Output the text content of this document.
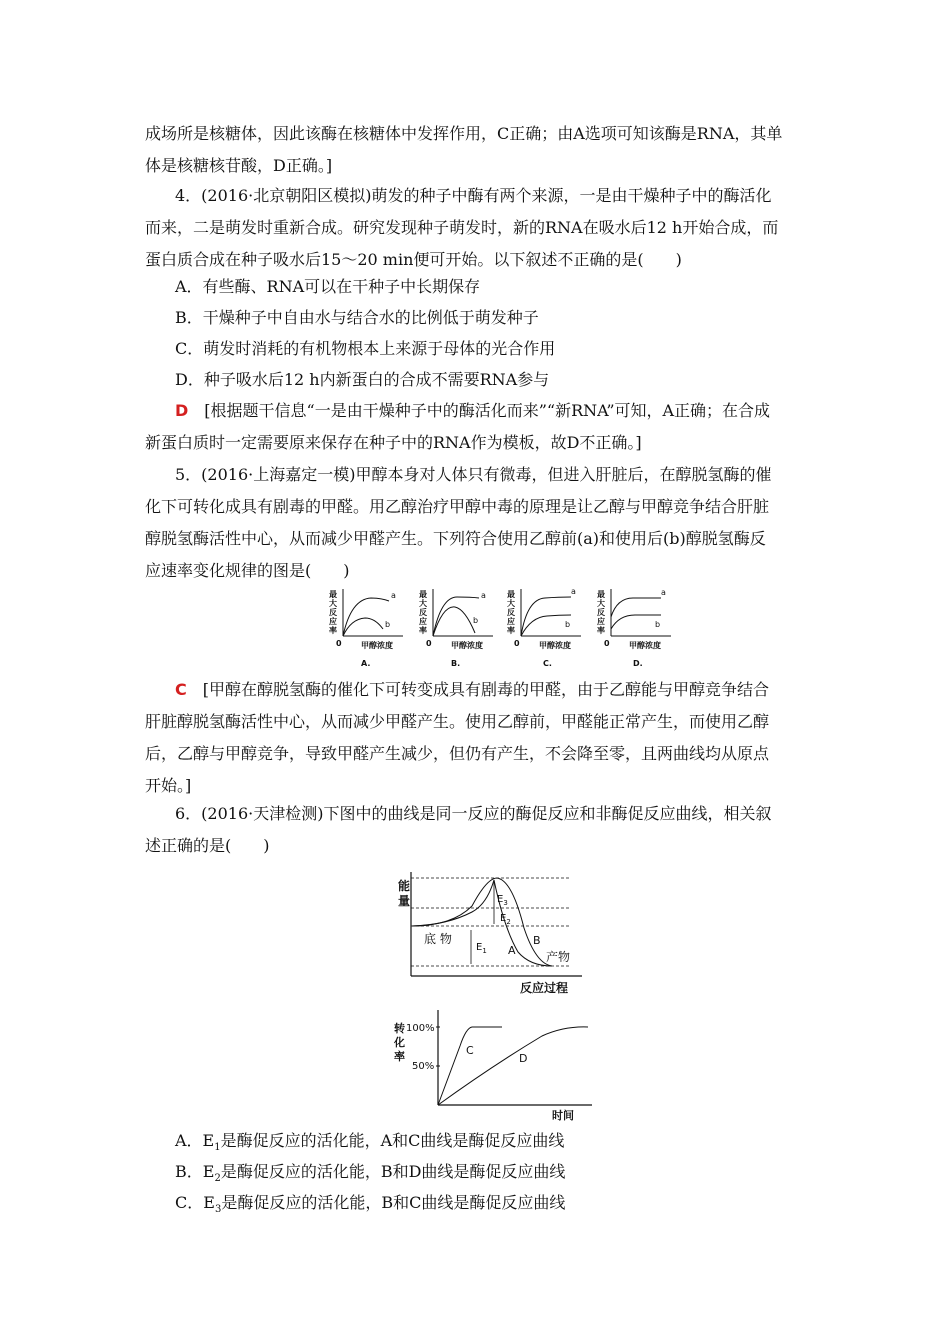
成场所是核糖体，因此该酶在核糖体中发挥作用，C正确；由A选项可知该酶是RNA，其单
体是核糖核苷酸，D正确。]
4．(2016·北京朝阳区模拟)萌发的种子中酶有两个来源，一是由干燥种子中的酶活化
而来，二是萌发时重新合成。研究发现种子萌发时，新的RNA在吸水后12 h开始合成，而
蛋白质合成在种子吸水后15～20 min便可开始。以下叙述不正确的是(　　)
A．有些酶、RNA可以在干种子中长期保存
B．干燥种子中自由水与结合水的比例低于萌发种子
C．萌发时消耗的有机物根本上来源于母体的光合作用
D．种子吸水后12 h内新蛋白的合成不需要RNA参与
D　[根据题干信息“一是由干燥种子中的酶活化而来”“新RNA”可知，A正确；在合成
新蛋白质时一定需要原来保存在种子中的RNA作为模板，故D不正确。]
5．(2016·上海嘉定一模)甲醇本身对人体只有微毒，但进入肝脏后，在醇脱氢酶的催
化下可转化成具有剧毒的甲醛。用乙醇治疗甲醇中毒的原理是让乙醇与甲醇竞争结合肝脏
醇脱氢酶活性中心，从而减少甲醛产生。下列符合使用乙醇前(a)和使用后(b)醇脱氢酶反
应速率变化规律的图是(　　)
最
大
反
应
率
0 甲醇浓度
a
b
A.
最
大
反
应
率
0 甲醇浓度
a
b
B.
最
大
反
应
率
0 甲醇浓度
a
b
C.
最
大
反
应
率
0 甲醇浓度
a
b
D.
C　[甲醇在醇脱氢酶的催化下可转变成具有剧毒的甲醛，由于乙醇能与甲醇竞争结合
肝脏醇脱氢酶活性中心，从而减少甲醛产生。使用乙醇前，甲醛能正常产生，而使用乙醇
后，乙醇与甲醇竞争，导致甲醛产生减少，但仍有产生，不会降至零，且两曲线均从原点
开始。]
6．(2016·天津检测)下图中的曲线是同一反应的酶促反应和非酶促反应曲线，相关叙
述正确的是(　　)
能
量	$E_3$
$E_2$
$E_1$
底 物
A
B
产物
反应过程
转
化
率
100%
50%
C
D
时间
A．$E_1$是酶促反应的活化能，A和C曲线是酶促反应曲线
B．$E_2$是酶促反应的活化能，B和D曲线是酶促反应曲线
C．$E_3$是酶促反应的活化能，B和C曲线是酶促反应曲线
